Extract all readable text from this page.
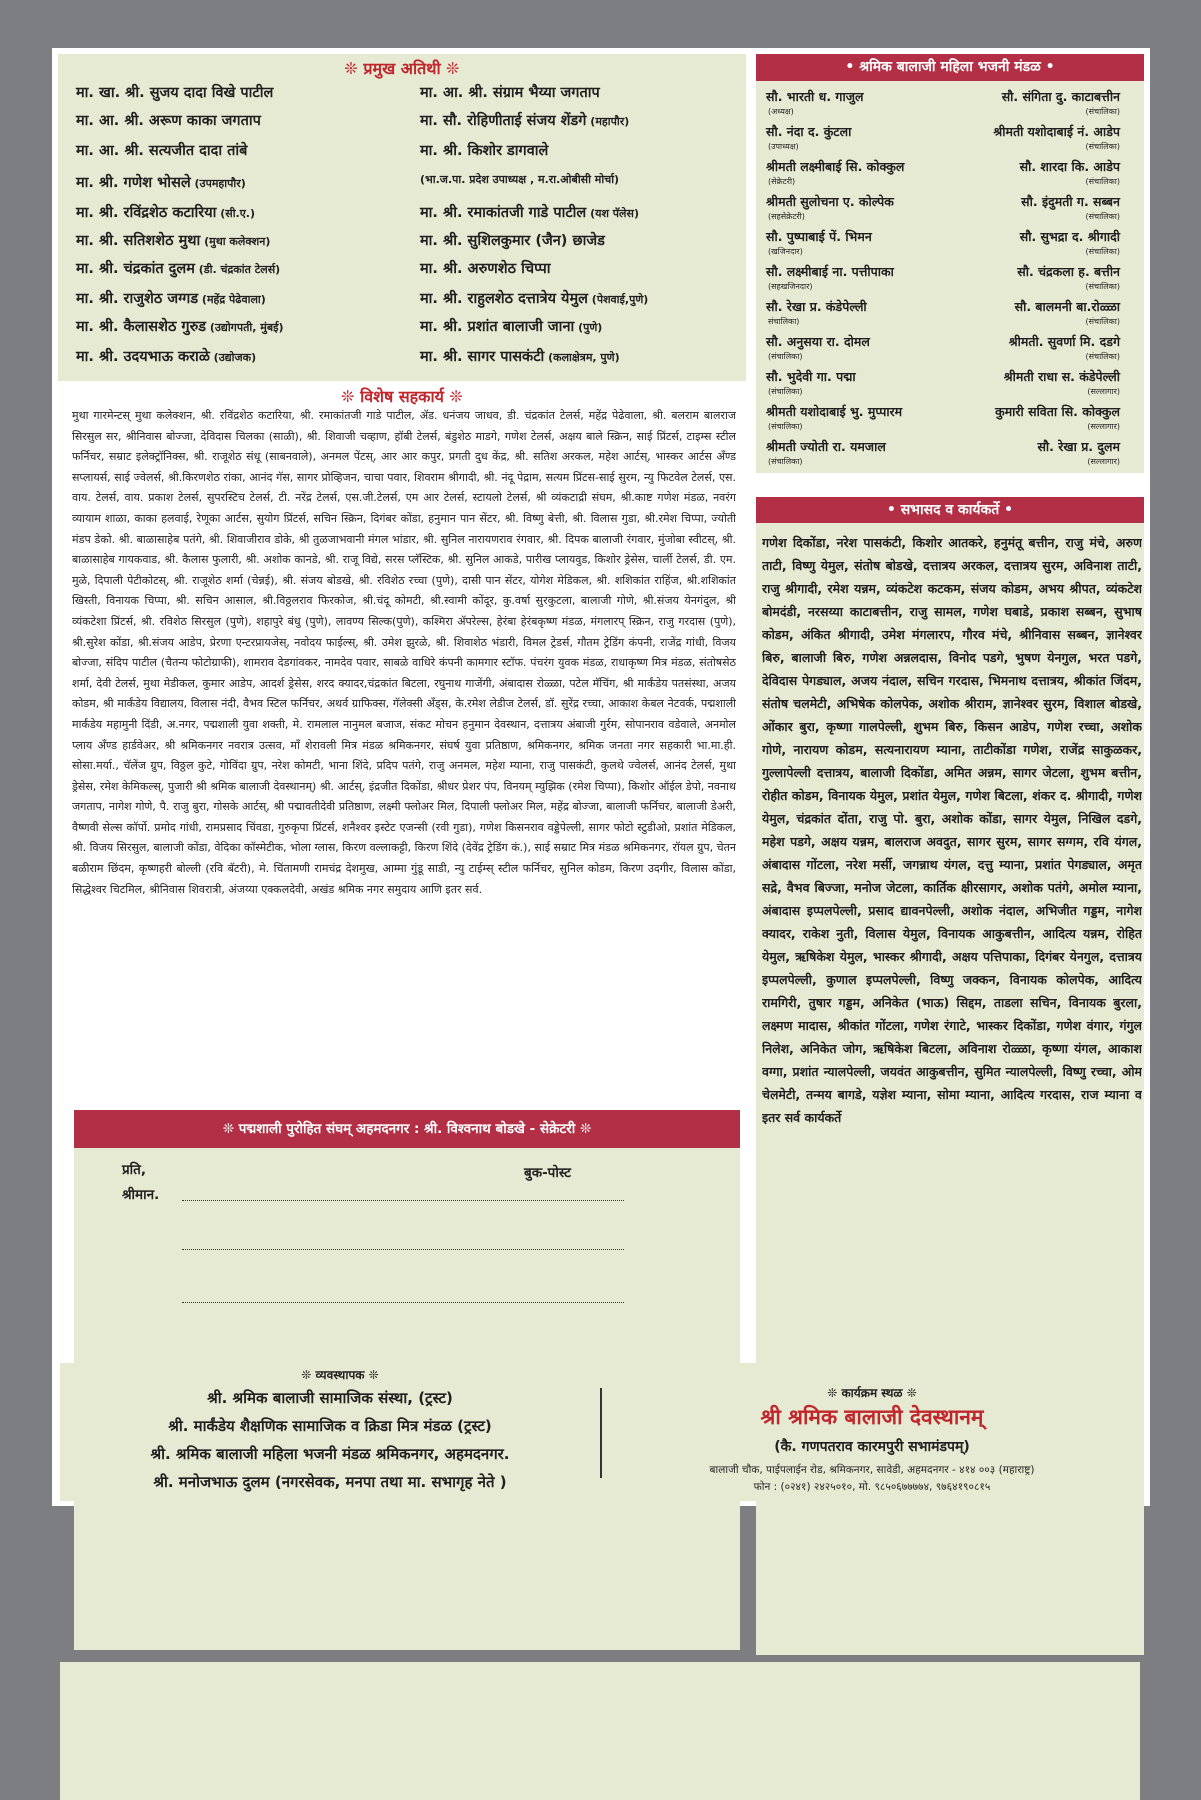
❊ प्रमुख अतिथी ❊
(भा.ज.पा. प्रदेश उपाध्यक्ष , म.रा.ओबीसी मोर्चा)
❊ विशेष सहकार्य ❊
मुथा गारमेन्टस् मुथा कलेक्शन, श्री. रविंद्रशेठ कटारिया, श्री. रमाकांतजी गाडे पाटील, ॲड. धनंजय जाधव, डी. चंद्रकांत टेलर्स, महेंद्र पेढेवाला, श्री. बलराम बालराज सिरसुल सर, श्रीनिवास बोज्जा, देविदास चिलका (साळी), श्री. शिवाजी चव्हाण, हॉबी टेलर्स, बंडुशेठ माडगे, गणेश टेलर्स, अक्षय बाले स्क्रिन, साई प्रिंटर्स, टाइम्स स्टील फर्निचर, सम्राट इलेक्ट्रॉनिक्स, श्री. राजूशेठ संधू (साबनवाले), अनमल पेंटस्, आर आर कपुर, प्रगती दुध केंद्र, श्री. सतिश अरकल, महेश आर्टस्, भास्कर आर्टस अँण्ड सप्लायर्स, साई ज्वेलर्स, श्री.किरणशेठ रांका, आनंद गॅस, सागर प्रोव्हिजन, चाचा पवार, शिवराम श्रीगादी, श्री. नंदू पेद्राम, सत्यम प्रिंटस-साई सुरम, न्यु फिटवेल टेलर्स, एस. वाय. टेलर्स, वाय. प्रकाश टेलर्स, सुपरस्टिच टेलर्स, टी. नरेंद्र टेलर्स, एस.जी.टेलर्स, एम आर टेलर्स, स्टायलो टेलर्स, श्री व्यंकटाद्री संघम, श्री.काष्ट गणेश मंडळ, नवरंग व्यायाम शाळा, काका हलवाई, रेणूका आर्टस, सुयोग प्रिंटर्स, सचिन स्क्रिन, दिगंबर कोंडा, हनुमान पान सेंटर, श्री. विष्णु बेत्ती, श्री. विलास गुडा, श्री.रमेश चिप्पा, ज्योती मंडप डेको. श्री. बाळासाहेब पतंगे, श्री. शिवाजीराव डोके, श्री तुळजाभवानी मंगल भांडार, श्री. सुनिल नारायणराव रंगवार, श्री. दिपक बालाजी रंगवार, मुंजोबा स्वीटस्, श्री. बाळासाहेब गायकवाड, श्री. कैलास फुलारी, श्री. अशोक कानडे, श्री. राजू विद्ये, सरस प्लॅस्टिक, श्री. सुनिल आकडे, पारीख प्लायवुड, किशोर ड्रेसेस, चार्ली टेलर्स, डी. एम. मुळे, दिपाली पेटीकोटस्, श्री. राजूशेठ शर्मा (चेन्नई), श्री. संजय बोडखे, श्री. रविशेठ रच्चा (पुणे), दासी पान सेंटर, योगेश मेडिकल, श्री. शशिकांत राहिंज, श्री.शशिकांत खिस्ती, विनायक चिप्पा, श्री. सचिन आसाल, श्री.विठ्ठलराव फिरकोज, श्री.चंदू कोमटी, श्री.स्वामी कोंदूर, कु.वर्षा सुरकुटला, बालाजी गोणे, श्री.संजय येनगंदुल, श्री व्यंकटेशा प्रिंटर्स, श्री. रविशेठ सिरसुल (पुणे), शहापुरे बंधु (पुणे), लावण्य सिल्क(पुणे), कश्मिरा ॲपरेल्स, हेरंबा हेरंबकृष्ण मंडळ, मंगलारप् स्क्रिन, राजु गरदास (पुणे), श्री.सुरेश कोंडा, श्री.संजय आडेप, प्रेरणा एन्टरप्रायजेस्, नवोदय फाईल्स्, श्री. उमेश झुरळे, श्री. शिवाशेठ भंडारी, विमल ट्रेडर्स, गौतम ट्रेडिंग कंपनी, राजेंद्र गांधी, विजय बोज्जा, संदिप पाटील (चैतन्य फोटोग्राफी), शामराव देडगांवकर, नामदेव पवार, साबळे वाधिरे कंपनी कामगार स्टॉफ. पंचरंग युवक मंडळ, राधाकृष्ण मित्र मंडळ, संतोषसेठ शर्मा, देवी टेलर्स, मुथा मेडीकल, कुमार आडेप, आदर्श ड्रेसेस, शरद क्यादर,चंद्रकांत बिटला, रघुनाथ गाजेंगी, अंबादास रोळ्ळा, पटेल मॅचिंग, श्री मार्कंडेय पतसंस्था, अजय कोडम, श्री मार्कंडेय विद्यालय, विलास नंदी, वैभव स्टिल फर्निचर, अथर्व ग्राफिक्स, गॅलेक्सी अँड्स, के.रमेश लेडीज टेलर्स, डॉ. सुरेंद्र रच्चा, आकाश केबल नेटवर्क, पद्मशाली मार्कंडेय महामुनी दिंडी, अ.नगर, पद्मशाली युवा शक्ती, मे. रामलाल नानुमल बजाज, संकट मोचन हनुमान देवस्थान, दत्तात्रय अंबाजी गुर्रम, सोपानराव वडेवाले, अनमोल प्लाय अँण्ड हार्डवेअर, श्री श्रमिकनगर नवरात्र उत्सव, माँ शेरावली मित्र मंडळ श्रमिकनगर, संघर्ष युवा प्रतिष्ठाण, श्रमिकनगर, श्रमिक जनता नगर सहकारी भा.मा.ही. सोसा.मर्या., चॅलेंज ग्रुप, विठ्ठल कुटे, गोविंदा ग्रुप, नरेश कोमटी, भाना शिंदे, प्रदिप पतंगे, राजु अनमल, महेश म्याना, राजु पासकंटी, कुलथे ज्वेलर्स, आनंद टेलर्स, मुथा ड्रेसेस, रमेश केमिकल्स्, पुजारी श्री श्रमिक बालाजी देवस्थानम्) श्री. आर्टस्, इंद्रजीत दिकोंडा, श्रीधर प्रेशर पंप, विनयम् म्युझिक (रमेश चिप्पा), किशोर ऑईल डेपो, नवनाथ जगताप, नागेश गोणे, पै. राजु बुरा, गोसके आर्टस्, श्री पद्मावतीदेवी प्रतिष्ठाण, लक्ष्मी फ्लोअर मिल, दिपाली फ्लोअर मिल, महेंद्र बोज्जा, बालाजी फर्निचर, बालाजी डेअरी, वैष्णवी सेल्स कॉर्पो. प्रमोद गांधी, रामप्रसाद चिंवडा, गुरुकृपा प्रिंटर्स, शनैश्वर इस्टेट एजन्सी (रवी गुडा), गणेश किसनराव वड्डेपेल्ली, सागर फोटो स्टुडीओ, प्रशांत मेडिकल, श्री. विजय सिरसुल, बालाजी कोंडा, वेदिका कॉस्मेटीक, भोला ग्लास, किरण वल्लाकट्टी, किरण शिंदे (देवेंद्र ट्रेडिंग कं.), साई सम्राट मित्र मंडळ श्रमिकनगर, रॉयल ग्रुप, चेतन बळीराम छिंदम, कृष्णहरी बोल्ली (रवि बॅटरी), मे. चिंतामणी रामचंद्र देशमुख, आम्मा गुंडू साडी, न्यु टाईम्स् स्टील फर्निचर, सुनिल कोडम, किरण उदगीर, विलास कोंडा, सिद्धेश्वर चिटमिल, श्रीनिवास शिवरात्री, अंजय्या एक्कलदेवी, अखंड श्रमिक नगर समुदाय आणि इतर सर्व.
❊ पद्मशाली पुरोहित संघम् अहमदनगर : श्री. विश्वनाथ बोडखे - सेक्रेटरी ❊
प्रति,	बुक-पोस्ट
श्रीमान.
• श्रमिक बालाजी महिला भजनी मंडळ •
• सभासद व कार्यकर्ते •
मा. खा. श्री. सुजय दादा विखे पाटील
मा. आ. श्री. अरूण काका जगताप
मा. आ. श्री. सत्यजीत दादा तांबे
मा. श्री. गणेश भोसले (उपमहापौर)
मा. श्री. रविंद्रशेठ कटारिया (सी.ए.)
मा. श्री. सतिशशेठ मुथा (मुथा कलेक्शन)
मा. श्री. चंद्रकांत दुलम (डी. चंद्रकांत टेलर्स)
मा. श्री. राजुशेठ जग्गड (महेंद्र पेढेवाला)
मा. श्री. कैलासशेठ गुरुड (उद्योगपती, मुंबई)
मा. श्री. उदयभाऊ कराळे (उद्योजक)
मा. आ. श्री. संग्राम भैय्या जगताप
मा. सौ. रोहिणीताई संजय शेंडगे (महापौर)
मा. श्री. किशोर डागवाले
मा. श्री. रमाकांतजी गाडे पाटील (यश पॅलेस)
मा. श्री. सुशिलकुमार (जैन) छाजेड
मा. श्री. अरुणशेठ चिप्पा
मा. श्री. राहुलशेठ दत्तात्रेय येमुल (पेशवाई,पुणे)
मा. श्री. प्रशांत बालाजी जाना (पुणे)
मा. श्री. सागर पासकंटी (कलाक्षेत्रम, पुणे)
सौ. भारती ध. गाजुल
(अध्यक्ष)
सौ. संगिता दु. काटाबत्तीन
(संचालिका)
सौ. नंदा द. कुंटला
(उपाध्यक्ष)
श्रीमती यशोदाबाई नं. आडेप
(संचालिका)
श्रीमती लक्ष्मीबाई सि. कोक्कुल
(सेक्रेटरी)
सौ. शारदा कि. आडेप
(संचालिका)
श्रीमती सुलोचना ए. कोल्पेक
(सहसेक्रेटरी)
सौ. इंदुमती ग. सब्बन
(संचालिका)
सौ. पुष्पाबाई पें. भिमन
(खजिनदार)
सौ. सुभद्रा द. श्रीगादी
(संचालिका)
सौ. लक्ष्मीबाई ना. पत्तीपाका
(सहखजिनदार)
सौ. चंद्रकला ह. बत्तीन
(संचालिका)
सौ. रेखा प्र. कंडेपेल्ली
संचालिका)
सौ. बालमनी बा.रोळ्ळा
(संचालिका)
सौ. अनुसया रा. दोमल
(संचालिका)
श्रीमती. सुवर्णा मि. दडगे
(संचालिका)
सौ. भुदेवी गा. पद्मा
(संचालिका)
श्रीमती राधा स. कंडेपेल्ली
(सल्लागार)
श्रीमती यशोदाबाई भु. मुप्पारम
(संचालिका)
कुमारी सविता सि. कोक्कुल
(सल्लागार)
श्रीमती ज्योती रा. यमजाल
(संचालिका)
सौ. रेखा प्र. दुलम
(सल्लागार)
गणेश दिकोंडा, नरेश पासकंटी, किशोर आतकरे, हनुमंतू बत्तीन, राजु मंचे, अरुण ताटी, विष्णु येमुल, संतोष बोडखे, दत्तात्रय अरकल, दत्तात्रय सुरम, अविनाश ताटी, राजु श्रीगादी, रमेश यन्नम, व्यंकटेश कटकम, संजय कोडम, अभय श्रीपत, व्यंकटेश बोमदंडी, नरसय्या काटाबत्तीन, राजु सामल, गणेश घबाडे, प्रकाश सब्बन, सुभाष कोडम, अंकित श्रीगादी, उमेश मंगलारप, गौरव मंचे, श्रीनिवास सब्बन, ज्ञानेश्वर बिरु, बालाजी बिरु, गणेश अन्नलदास, विनोद पडगे, भुषण येनगुल, भरत पडगे, देविदास पेगड्याल, अजय नंदाल, सचिन गरदास, भिमनाथ दत्तात्रय, श्रीकांत जिंदम, संतोष चलमेटी, अभिषेक कोलपेक, अशोक श्रीराम, ज्ञानेश्वर सुरम, विशाल बोडखे, ओंकार बुरा, कृष्णा गालपेल्ली, शुभम बिरु, किसन आडेप, गणेश रच्चा, अशोक गोणे, नारायण कोडम, सत्यनारायण म्याना, ताटीकोंडा गणेश, राजेंद्र साकुळकर, गुल्लापेल्ली दत्तात्रय, बालाजी दिकोंडा, अमित अन्नम, सागर जेटला, शुभम बत्तीन, रोहीत कोडम, विनायक येमुल, प्रशांत येमुल, गणेश बिटला, शंकर द. श्रीगादी, गणेश येमुल, चंद्रकांत दोंता, राजु पो. बुरा, अशोक कोंडा, सागर येमुल, निखिल दडगे, महेश पडगे, अक्षय यन्नम, बालराज अवदुत, सागर सुरम, सागर सग्गम, रवि यंगल, अंबादास गोंटला, नरेश मर्सी, जगन्नाथ यंगल, दत्तु म्याना, प्रशांत पेगड्याल, अमृत सद्रे, वैभव बिज्जा, मनोज जेटला, कार्तिक क्षीरसागर, अशोक पतंगे, अमोल म्याना, अंबादास इप्पलपेल्ली, प्रसाद द्यावनपेल्ली, अशोक नंदाल, अभिजीत गड्डम, नागेश क्यादर, राकेश नुती, विलास येमुल, विनायक आकुबत्तीन, आदित्य यन्नम, रोहित येमुल, ऋषिकेश येमुल, भास्कर श्रीगादी, अक्षय पत्तिपाका, दिगंबर येनगुल, दत्तात्रय इप्पलपेल्ली, कुणाल इप्पलपेल्ली, विष्णु जक्कन, विनायक कोलपेक, आदित्य रामगिरी, तुषार गड्डम, अनिकेत (भाऊ) सिद्दम, ताडला सचिन, विनायक बुरला, लक्ष्मण मादास, श्रीकांत गोंटला, गणेश रंगाटे, भास्कर दिकोंडा, गणेश वंगार, गंगुल निलेश, अनिकेत जोग, ऋषिकेश बिटला, अविनाश रोळ्ळा, कृष्णा यंगल, आकाश वग्गा, प्रशांत न्यालपेल्ली, जयवंत आकुबत्तीन, सुमित न्यालपेल्ली, विष्णु रच्चा, ओम चेलमेटी, तन्मय बागडे, यज्ञेश म्याना, सोमा म्याना, आदित्य गरदास, राज म्याना व इतर सर्व कार्यकर्ते
❊ व्यवस्थापक ❊
❊ कार्यक्रम स्थळ ❊
श्री श्रमिक बालाजी देवस्थानम्
(कै. गणपतराव कारमपुरी सभामंडपम्)
बालाजी चौक, पाईपलाईन रोड, श्रमिकनगर, सावेडी, अहमदनगर - ४१४ ००३ (महाराष्ट्र)
फोन : (०२४१) २४२५०१०, मो. ९८५०६७७७७४, ९७६४१९०८१५
श्री. श्रमिक बालाजी सामाजिक संस्था, (ट्रस्ट)
श्री. मार्कंडेय शैक्षणिक सामाजिक व क्रिडा मित्र मंडळ (ट्रस्ट)
श्री. श्रमिक बालाजी महिला भजनी मंडळ श्रमिकनगर, अहमदनगर.
श्री. मनोजभाऊ दुलम (नगरसेवक, मनपा तथा मा. सभागृह नेते )
